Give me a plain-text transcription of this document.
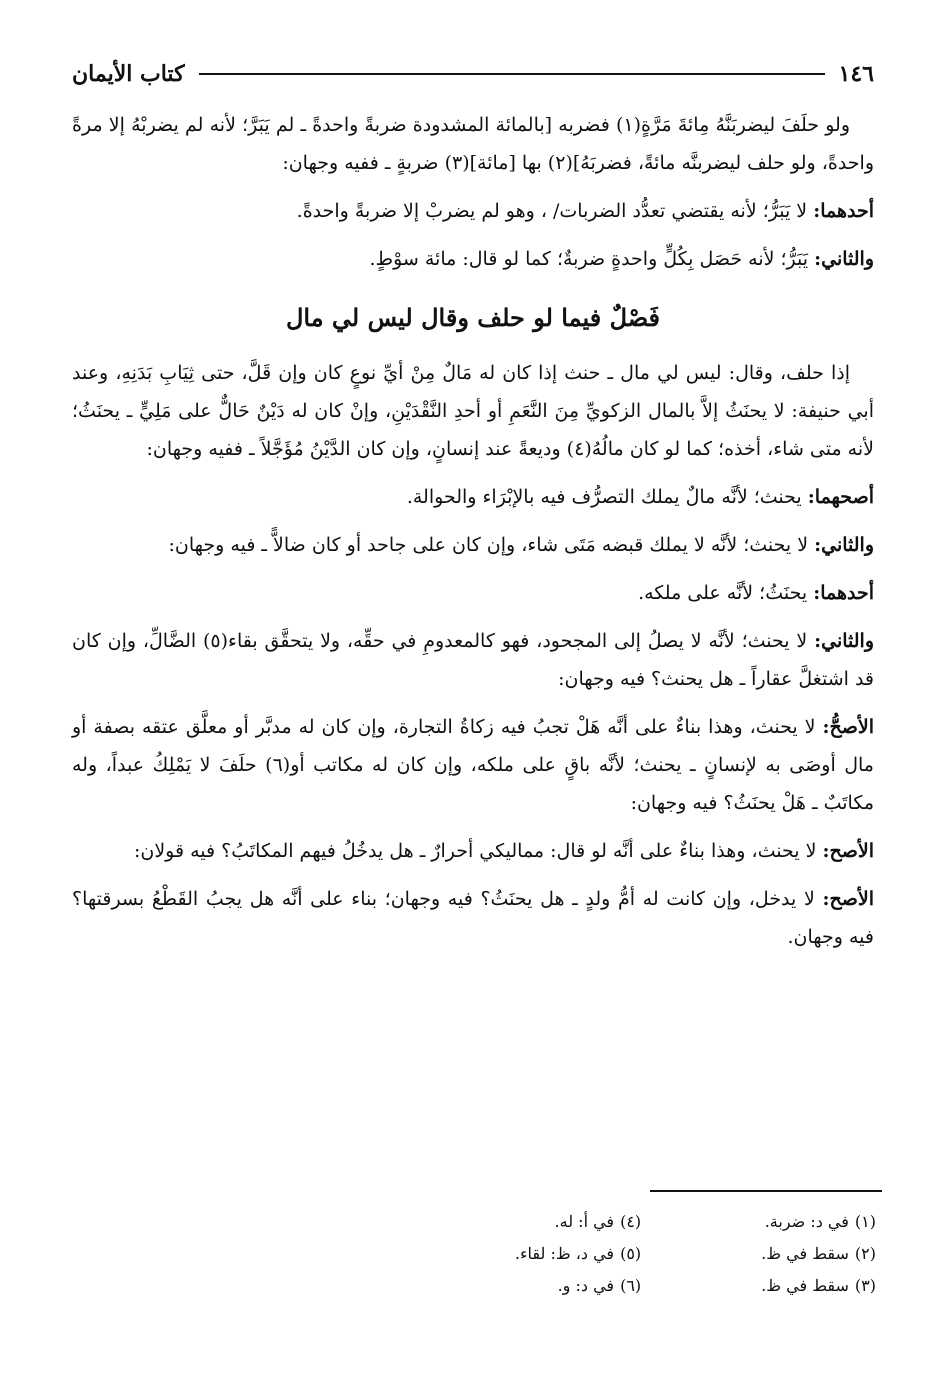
١٤٦
كتاب الأيمان

ولو حلَفَ ليضربَنَّهُ مِائةَ مَرَّةٍ(١) فضربه [بالمائة المشدودة ضربةً واحدةً ـ لم يَبَرَّ؛ لأنه لم يضربْهُ إلا مرةً واحدةً، ولو حلف ليضربنَّه مائةً، فضربَهُ](٢) بها [مائة](٣) ضربةٍ ـ ففيه وجهان:

أحدهما: لا يَبَرُّ؛ لأنه يقتضي تعدُّد الضربات/ ، وهو لم يضربْ إلا ضربةً واحدةً.

والثاني: يَبَرُّ؛ لأنه حَصَل بِكُلٍّ واحدةٍ ضربةٌ؛ كما لو قال: مائة سوْطٍ.

فَصْلٌ فيما لو حلف وقال ليس لي مال

إذا حلف، وقال: ليس لي مال ـ حنث إذا كان له مَالٌ مِنْ أيِّ نوعٍ كان وإن قَلَّ، حتى ثِيَابِ بَدَنِهِ، وعند أبي حنيفة: لا يحنَثُ إلاَّ بالمال الزكويِّ مِنَ النَّعَمِ أو أحدِ النَّقْدَيْنِ، وإنْ كان له دَيْنٌ حَالٌّ على مَلِيٍّ ـ يحنَثُ؛ لأنه متى شاء، أخذه؛ كما لو كان مالُهُ(٤) وديعةً عند إنسانٍ، وإن كان الدَّيْنُ مُؤَجَّلاً ـ ففيه وجهان:

أصحهما: يحنث؛ لأنَّه مالٌ يملك التصرُّف فيه بالإبْرَاء والحوالة.

والثاني: لا يحنث؛ لأنَّه لا يملك قبضه مَتَى شاء، وإن كان على جاحد أو كان ضالاًّ ـ فيه وجهان:

أحدهما: يحنَثُ؛ لأنَّه على ملكه.

والثاني: لا يحنث؛ لأنَّه لا يصلُ إلى المجحود، فهو كالمعدومِ في حقِّه، ولا يتحقَّق بقاء(٥) الضَّالِّ، وإن كان قد اشتغلَّ عقاراً ـ هل يحنث؟ فيه وجهان:

الأصحُّ: لا يحنث، وهذا بناءٌ على أنَّه هَلْ تجبُ فيه زكاةُ التجارة، وإن كان له مدبَّر أو معلَّق عتقه بصفة أو مال أوصَى به لإنسانٍ ـ يحنث؛ لأنَّه باقٍ على ملكه، وإن كان له مكاتب أو(٦) حلَفَ لا يَمْلِكُ عبداً، وله مكاتَبٌ ـ هَلْ يحنَثُ؟ فيه وجهان:

الأصح: لا يحنث، وهذا بناءٌ على أنَّه لو قال: مماليكي أحرارٌ ـ هل يدخُلُ فيهم المكاتَبُ؟ فيه قولان:

الأصح: لا يدخل، وإن كانت له أمُّ ولدٍ ـ هل يحنَثُ؟ فيه وجهان؛ بناء على أنَّه هل يجبُ القَطْعُ بسرقتها؟ فيه وجهان.

(١)في د: ضربة.
(٢)سقط في ظ.
(٣)سقط في ظ.
(٤)في أ: له.
(٥)في د، ظ: لقاء.
(٦)في د: و.
